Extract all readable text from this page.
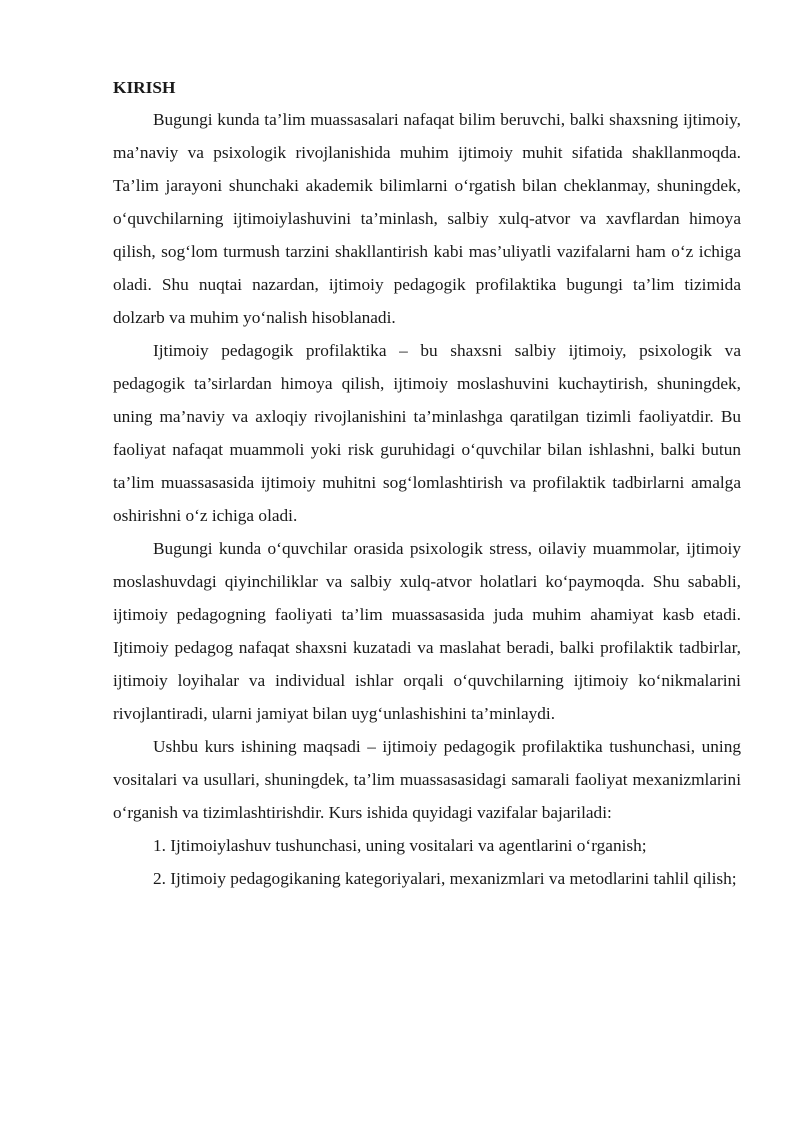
KIRISH

Bugungi kunda ta’lim muassasalari nafaqat bilim beruvchi, balki shaxsning ijtimoiy, ma’naviy va psixologik rivojlanishida muhim ijtimoiy muhit sifatida shakllanmoqda. Ta’lim jarayoni shunchaki akademik bilimlarni o‘rgatish bilan cheklanmay, shuningdek, o‘quvchilarning ijtimoiylashuvini ta’minlash, salbiy xulq-atvor va xavflardan himoya qilish, sog‘lom turmush tarzini shakllantirish kabi mas’uliyatli vazifalarni ham o‘z ichiga oladi. Shu nuqtai nazardan, ijtimoiy pedagogik profilaktika bugungi ta’lim tizimida dolzarb va muhim yo‘nalish hisoblanadi.

Ijtimoiy pedagogik profilaktika – bu shaxsni salbiy ijtimoiy, psixologik va pedagogik ta’sirlardan himoya qilish, ijtimoiy moslashuvini kuchaytirish, shuningdek, uning ma’naviy va axloqiy rivojlanishini ta’minlashga qaratilgan tizimli faoliyatdir. Bu faoliyat nafaqat muammoli yoki risk guruhidagi o‘quvchilar bilan ishlashni, balki butun ta’lim muassasasida ijtimoiy muhitni sog‘lomlashtirish va profilaktik tadbirlarni amalga oshirishni o‘z ichiga oladi.

Bugungi kunda o‘quvchilar orasida psixologik stress, oilaviy muammolar, ijtimoiy moslashuvdagi qiyinchiliklar va salbiy xulq-atvor holatlari ko‘paymoqda. Shu sababli, ijtimoiy pedagogning faoliyati ta’lim muassasasida juda muhim ahamiyat kasb etadi. Ijtimoiy pedagog nafaqat shaxsni kuzatadi va maslahat beradi, balki profilaktik tadbirlar, ijtimoiy loyihalar va individual ishlar orqali o‘quvchilarning ijtimoiy ko‘nikmalarini rivojlantiradi, ularni jamiyat bilan uyg‘unlashishini ta’minlaydi.

Ushbu kurs ishining maqsadi – ijtimoiy pedagogik profilaktika tushunchasi, uning vositalari va usullari, shuningdek, ta’lim muassasasidagi samarali faoliyat mexanizmlarini o‘rganish va tizimlashtirishdir. Kurs ishida quyidagi vazifalar bajariladi:

1. Ijtimoiylashuv tushunchasi, uning vositalari va agentlarini o‘rganish;

2. Ijtimoiy pedagogikaning kategoriyalari, mexanizmlari va metodlarini tahlil qilish;
